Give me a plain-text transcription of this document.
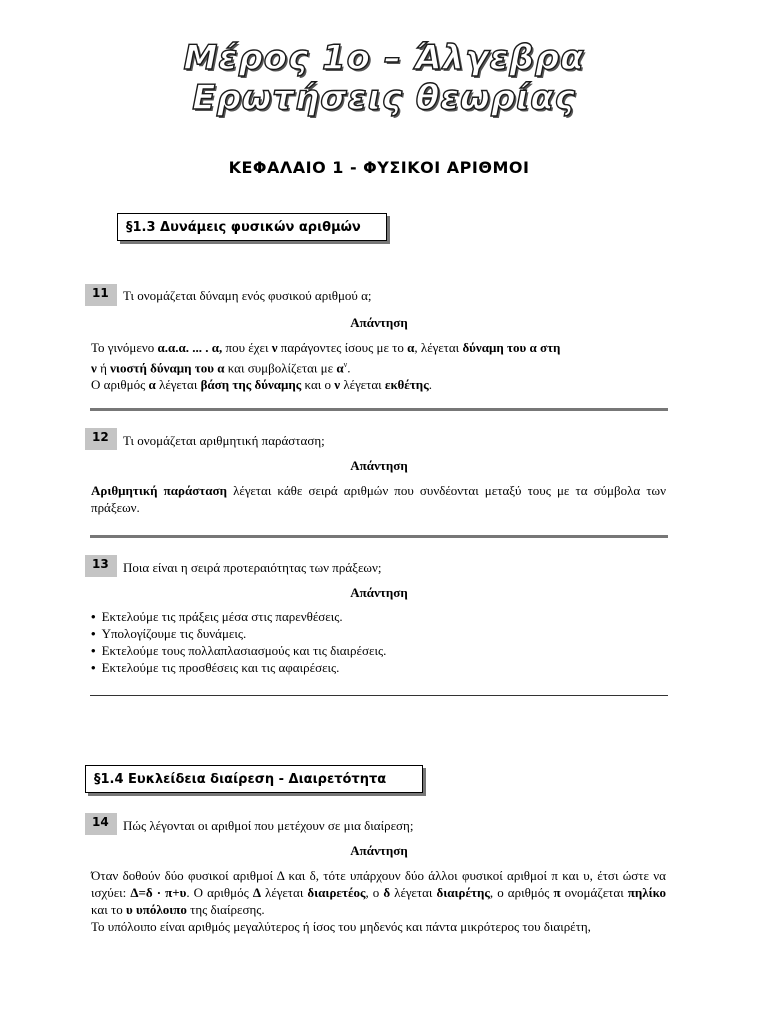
Μέρος 1ο – Άλγεβρα
Ερωτήσεις θεωρίας
ΚΕΦΑΛΑΙΟ 1 - ΦΥΣΙΚΟΙ ΑΡΙΘΜΟΙ
§1.3 Δυνάμεις φυσικών αριθμών
11	Τι ονομάζεται δύναμη ενός φυσικού αριθμού α;
Απάντηση

Το γινόμενο α.α.α. ... . α, που έχει ν παράγοντες ίσους με το α, λέγεται δύναμη του α στη

ν ή νιοστή δύναμη του α και συμβολίζεται με $\alpha^\nu$.

Ο αριθμός α λέγεται βάση της δύναμης και ο ν λέγεται εκθέτης.

12	Τι ονομάζεται αριθμητική παράσταση;
Απάντηση

Αριθμητική παράσταση λέγεται κάθε σειρά αριθμών που συνδέονται μεταξύ τους με τα σύμβολα των πράξεων.

13	Ποια είναι η σειρά προτεραιότητας των πράξεων;
Απάντηση
• Εκτελούμε τις πράξεις μέσα στις παρενθέσεις.
• Υπολογίζουμε τις δυνάμεις.
• Εκτελούμε τους πολλαπλασιασμούς και τις διαιρέσεις.
• Εκτελούμε τις προσθέσεις και τις αφαιρέσεις.
§1.4 Ευκλείδεια διαίρεση - Διαιρετότητα
14	Πώς λέγονται οι αριθμοί που μετέχουν σε μια διαίρεση;
Απάντηση

Όταν δοθούν δύο φυσικοί αριθμοί Δ και δ, τότε υπάρχουν δύο άλλοι φυσικοί αριθμοί π και υ, έτσι ώστε να ισχύει: Δ=δ · π+υ. Ο αριθμός Δ λέγεται διαιρετέος, ο δ λέγεται διαιρέτης, ο αριθμός π ονομάζεται πηλίκο και το υ υπόλοιπο της διαίρεσης.

Το υπόλοιπο είναι αριθμός μεγαλύτερος ή ίσος του μηδενός και πάντα μικρότερος του διαιρέτη,
